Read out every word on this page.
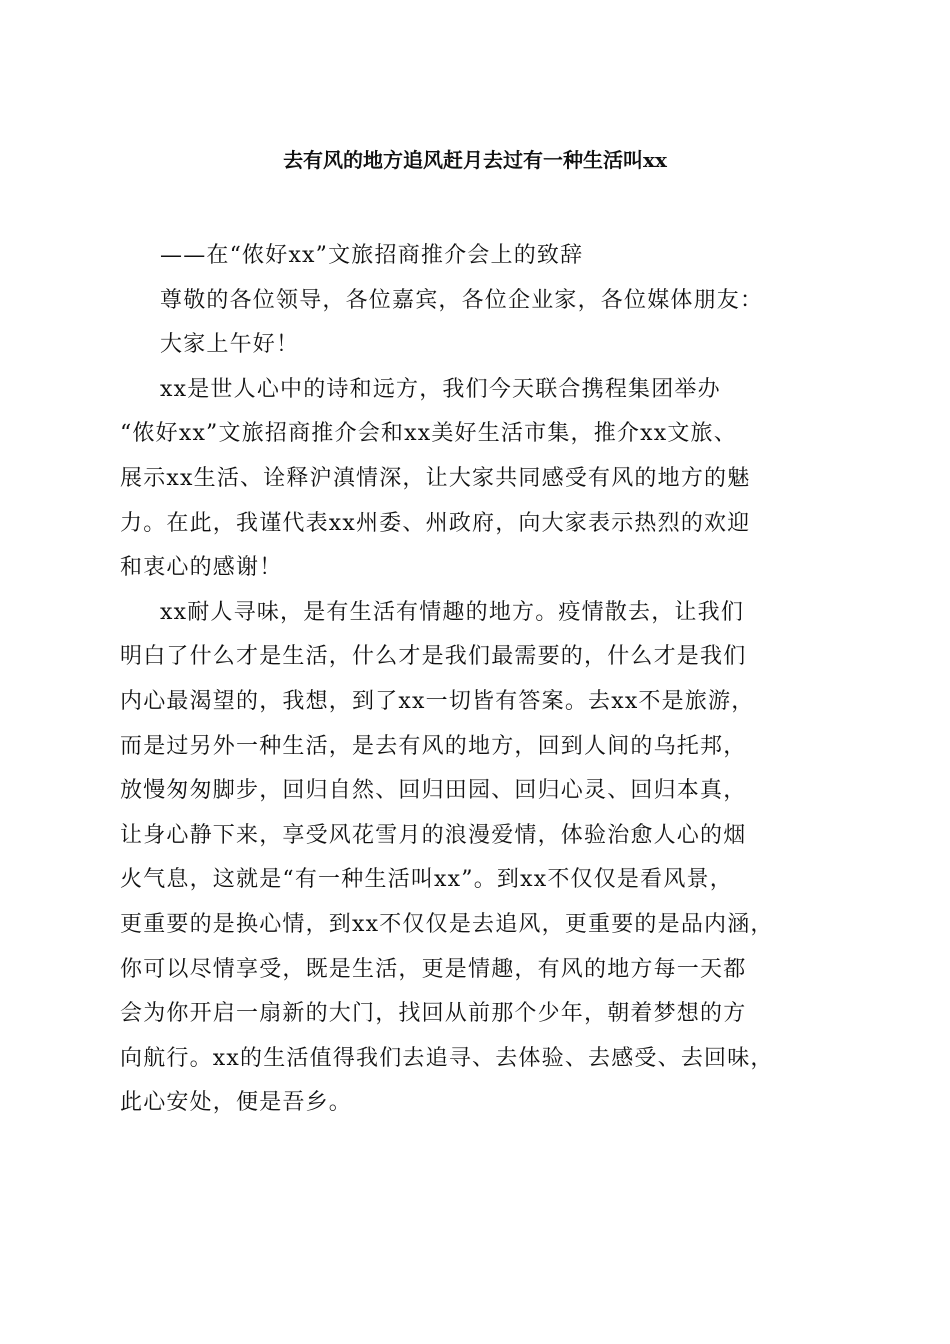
去有风的地方追风赶月去过有一种生活叫xx
——在“侬好xx”文旅招商推介会上的致辞
尊敬的各位领导，各位嘉宾，各位企业家，各位媒体朋友：
大家上午好！
xx是世人心中的诗和远方，我们今天联合携程集团举办
“侬好xx”文旅招商推介会和xx美好生活市集，推介xx文旅、
展示xx生活、诠释沪滇情深，让大家共同感受有风的地方的魅
力。在此，我谨代表xx州委、州政府，向大家表示热烈的欢迎
和衷心的感谢！
xx耐人寻味，是有生活有情趣的地方。疫情散去，让我们
明白了什么才是生活，什么才是我们最需要的，什么才是我们
内心最渴望的，我想，到了xx一切皆有答案。去xx不是旅游，
而是过另外一种生活，是去有风的地方，回到人间的乌托邦，
放慢匆匆脚步，回归自然、回归田园、回归心灵、回归本真，
让身心静下来，享受风花雪月的浪漫爱情，体验治愈人心的烟
火气息，这就是“有一种生活叫xx”。到xx不仅仅是看风景，
更重要的是换心情，到xx不仅仅是去追风，更重要的是品内涵，
你可以尽情享受，既是生活，更是情趣，有风的地方每一天都
会为你开启一扇新的大门，找回从前那个少年，朝着梦想的方
向航行。xx的生活值得我们去追寻、去体验、去感受、去回味，
此心安处，便是吾乡。
